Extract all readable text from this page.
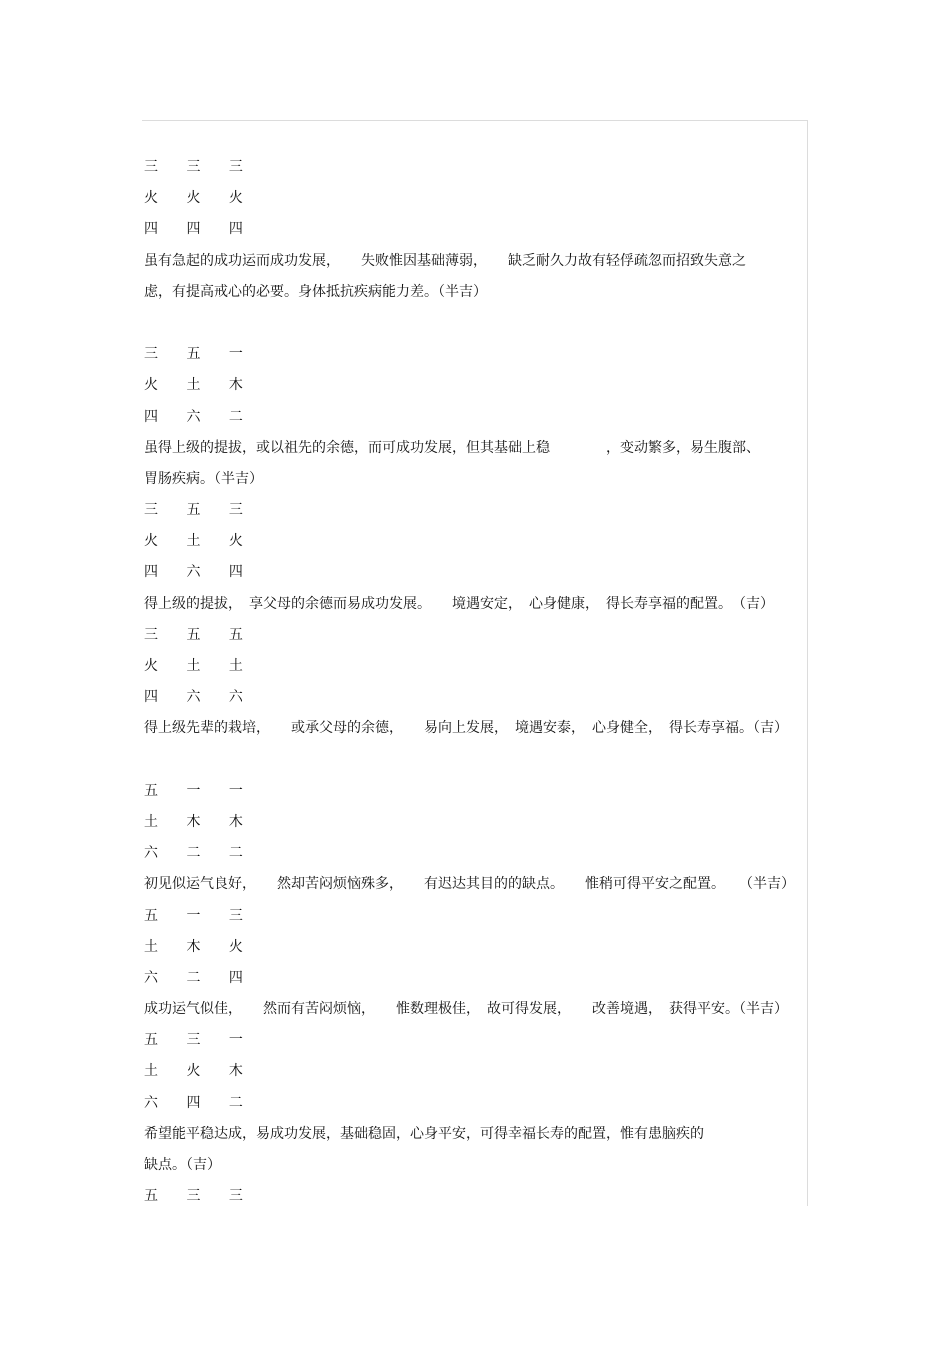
三 三 三
火 火 火
四 四 四
虽有急起的成功运而成功发展，　　失败惟因基础薄弱，　　缺乏耐久力故有轻俘疏忽而招致失意之
虑，有提高戒心的必要。身体抵抗疾病能力差。（半吉）
三 五 一
火 土 木
四 六 二
虽得上级的提拔，或以祖先的余德，而可成功发展，但其基础上稳　　　　，变动繁多，易生腹部、
胃肠疾病。（半吉）
三 五 三
火 土 火
四 六 四
得上级的提拔，　享父母的余德而易成功发展。　　境遇安定，　心身健康，　得长寿享福的配置。　（吉）
三 五 五
火 土 土
四 六 六
得上级先辈的栽培，　　或承父母的余德，　　易向上发展，　境遇安泰，　心身健全，　得长寿享福。（吉）
五 一 一
土 木 木
六 二 二
初见似运气良好，　　然却苦闷烦恼殊多，　　有迟达其目的的缺点。　　惟稍可得平安之配置。　　（半吉）
五 一 三
土 木 火
六 二 四
成功运气似佳，　　然而有苦闷烦恼，　　惟数理极佳，　故可得发展，　　改善境遇，　获得平安。（半吉）
五 三 一
土 火 木
六 四 二
希望能平稳达成，易成功发展，基础稳固，心身平安，可得幸福长寿的配置，惟有患脑疾的
缺点。（吉）
五 三 三
